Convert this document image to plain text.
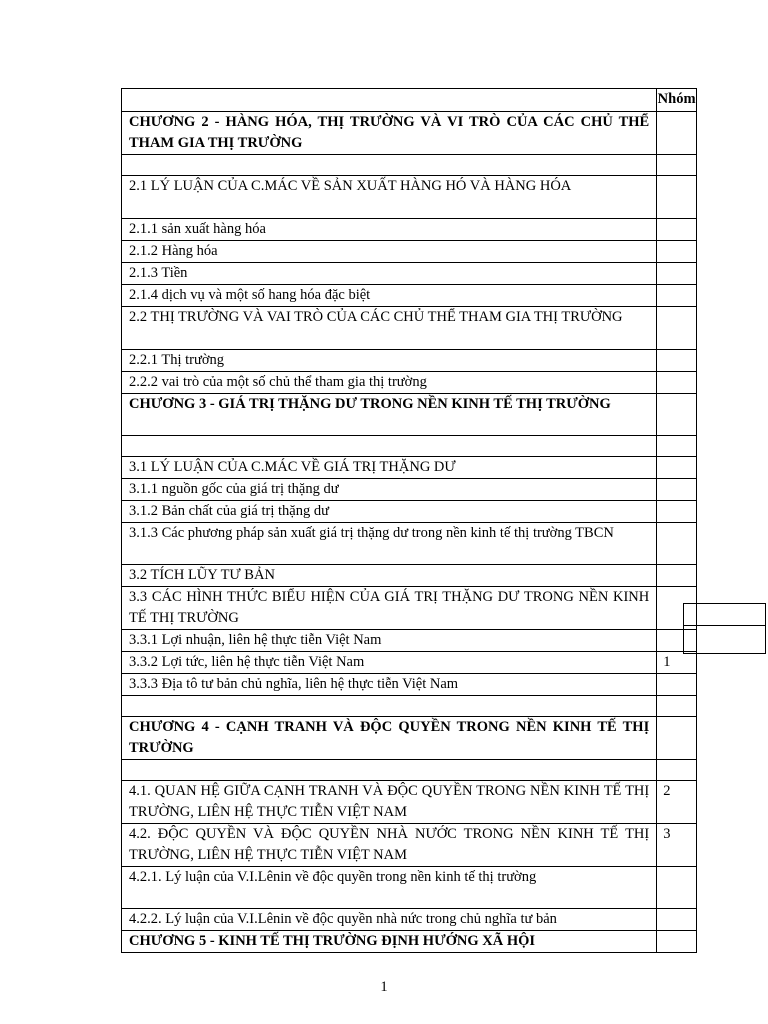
	Nhóm
CHƯƠNG 2 - HÀNG HÓA, THỊ TRƯỜNG VÀ VI TRÒ CỦA CÁC CHỦ THỂ THAM GIA THỊ TRƯỜNG	

2.1 LÝ LUẬN CỦA C.MÁC VỀ SẢN XUẤT HÀNG HÓ VÀ HÀNG HÓA	
2.1.1 sản xuất hàng hóa	
2.1.2 Hàng hóa	
2.1.3 Tiền	
2.1.4 dịch vụ và một số hang hóa đặc biệt	
2.2 THỊ TRƯỜNG VÀ VAI TRÒ CỦA CÁC CHỦ THỂ THAM GIA THỊ TRƯỜNG	
2.2.1 Thị trường	
2.2.2 vai trò của một số chủ thể tham gia thị trường	
CHƯƠNG 3 - GIÁ TRỊ THẶNG DƯ TRONG NỀN KINH TẾ THỊ TRƯỜNG	

3.1 LÝ LUẬN CỦA C.MÁC VỀ GIÁ TRỊ THẶNG DƯ	
3.1.1 nguồn gốc của giá trị thặng dư	
3.1.2 Bản chất của giá trị thặng dư	
3.1.3 Các phương pháp sản xuất giá trị thặng dư trong nền kinh tế thị trường TBCN	
3.2 TÍCH LŨY TƯ BẢN	
3.3 CÁC HÌNH THỨC BIỂU HIỆN CỦA GIÁ TRỊ THẶNG DƯ TRONG NỀN KINH TẾ THỊ TRƯỜNG	
3.3.1 Lợi nhuận, liên hệ thực tiễn Việt Nam	
3.3.2 Lợi tức, liên hệ thực tiễn Việt Nam	1
3.3.3 Địa tô tư bản chủ nghĩa, liên hệ thực tiễn Việt Nam	

CHƯƠNG 4 - CẠNH TRANH VÀ ĐỘC QUYỀN TRONG NỀN KINH TẾ THỊ TRƯỜNG	

4.1. QUAN HỆ GIỮA CẠNH TRANH VÀ ĐỘC QUYỀN TRONG NỀN KINH TẾ THỊ TRƯỜNG, LIÊN HỆ THỰC TIỄN VIỆT NAM	2
4.2. ĐỘC QUYỀN VÀ ĐỘC QUYỀN NHÀ NƯỚC TRONG NỀN KINH TẾ THỊ TRƯỜNG, LIÊN HỆ THỰC TIỄN VIỆT NAM	3
4.2.1. Lý luận của V.I.Lênin về độc quyền trong nền kinh tế thị trường	
4.2.2. Lý luận của V.I.Lênin về độc quyền nhà nức trong chủ nghĩa tư bản	
CHƯƠNG 5 - KINH TẾ THỊ TRƯỜNG ĐỊNH HƯỚNG XÃ HỘI	
1
